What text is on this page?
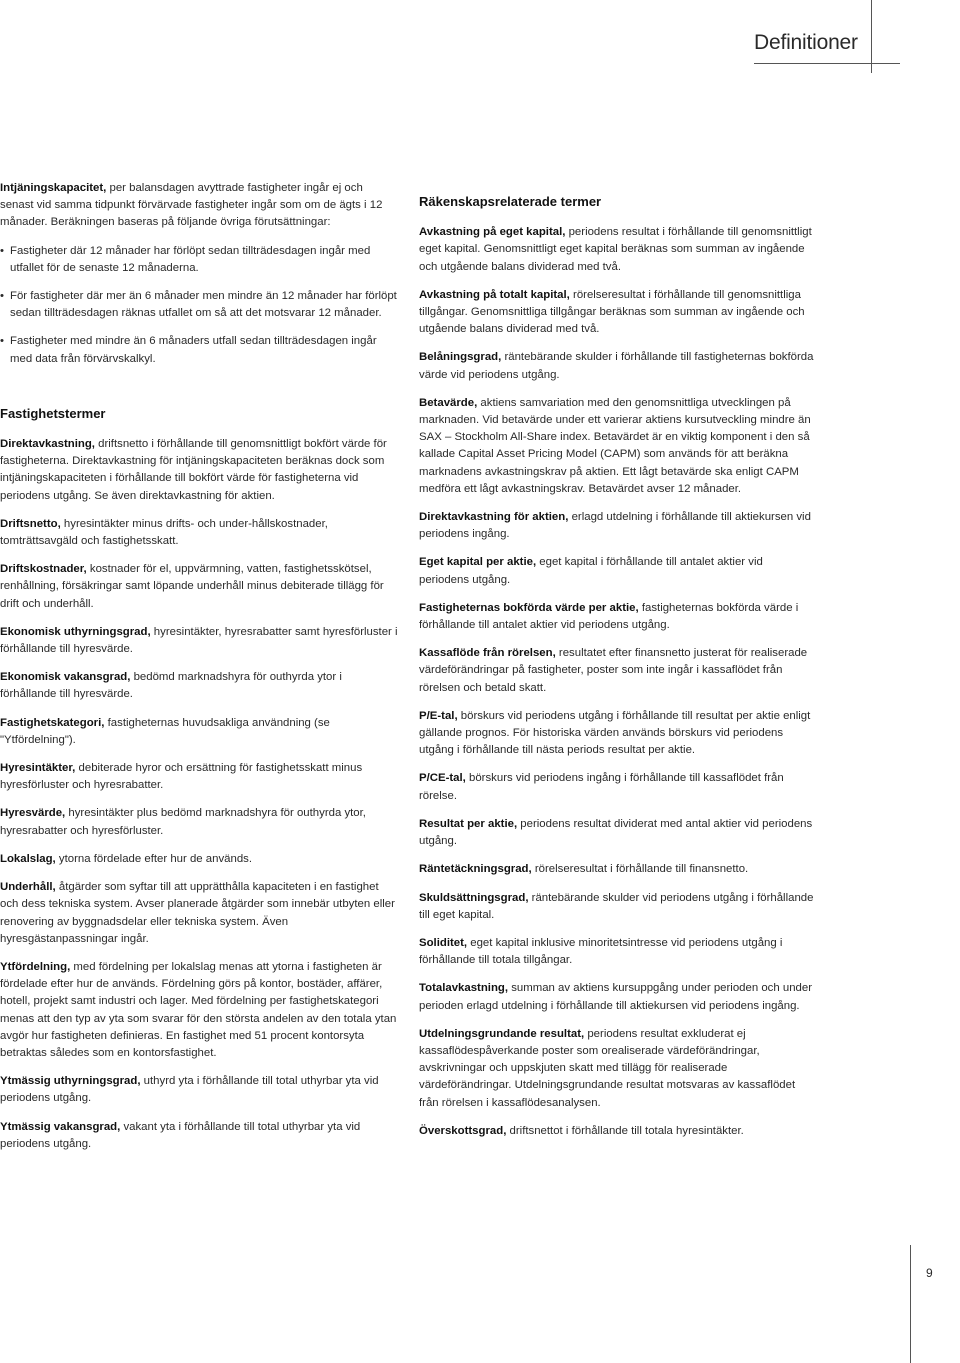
Definitioner

Intjäningskapacitet, per balansdagen avyttrade fastigheter ingår ej och senast vid samma tidpunkt förvärvade fastigheter ingår som om de ägts i 12 månader. Beräkningen baseras på följande övriga förutsättningar:

• Fastigheter där 12 månader har förlöpt sedan tillträdesdagen ingår med utfallet för de senaste 12 månaderna.
• För fastigheter där mer än 6 månader men mindre än 12 månader har förlöpt sedan tillträdesdagen räknas utfallet om så att det motsvarar 12 månader.
• Fastigheter med mindre än 6 månaders utfall sedan tillträdesdagen ingår med data från förvärvskalkyl.
Fastighetstermer

Direktavkastning, driftsnetto i förhållande till genomsnittligt bokfört värde för fastigheterna. Direktavkastning för intjäningskapaciteten beräknas dock som intjäningskapaciteten i förhållande till bokfört värde för fastigheterna vid periodens utgång. Se även direktavkastning för aktien.

Driftsnetto, hyresintäkter minus drifts- och under-hållskostnader, tomträttsavgäld och fastighetsskatt.

Driftskostnader, kostnader för el, uppvärmning, vatten, fastighetsskötsel, renhållning, försäkringar samt löpande underhåll minus debiterade tillägg för drift och underhåll.

Ekonomisk uthyrningsgrad, hyresintäkter, hyresrabatter samt hyresförluster i förhållande till hyresvärde.

Ekonomisk vakansgrad, bedömd marknadshyra för outhyrda ytor i förhållande till hyresvärde.

Fastighetskategori, fastigheternas huvudsakliga användning (se "Ytfördelning").

Hyresintäkter, debiterade hyror och ersättning för fastighetsskatt minus hyresförluster och hyresrabatter.

Hyresvärde, hyresintäkter plus bedömd marknadshyra för outhyrda ytor, hyresrabatter och hyresförluster.

Lokalslag, ytorna fördelade efter hur de används.

Underhåll, åtgärder som syftar till att upprätthålla kapaciteten i en fastighet och dess tekniska system. Avser planerade åtgärder som innebär utbyten eller renovering av byggnadsdelar eller tekniska system. Även hyresgästanpassningar ingår.

Ytfördelning, med fördelning per lokalslag menas att ytorna i fastigheten är fördelade efter hur de används. Fördelning görs på kontor, bostäder, affärer, hotell, projekt samt industri och lager. Med fördelning per fastighetskategori menas att den typ av yta som svarar för den största andelen av den totala ytan avgör hur fastigheten definieras. En fastighet med 51 procent kontorsyta betraktas således som en kontorsfastighet.

Ytmässig uthyrningsgrad, uthyrd yta i förhållande till total uthyrbar yta vid periodens utgång.

Ytmässig vakansgrad, vakant yta i förhållande till total uthyrbar yta vid periodens utgång.

Räkenskapsrelaterade termer

Avkastning på eget kapital, periodens resultat i förhållande till genomsnittligt eget kapital. Genomsnittligt eget kapital beräknas som summan av ingående och utgående balans dividerad med två.

Avkastning på totalt kapital, rörelseresultat i förhållande till genomsnittliga tillgångar. Genomsnittliga tillgångar beräknas som summan av ingående och utgående balans dividerad med två.

Belåningsgrad, räntebärande skulder i förhållande till fastigheternas bokförda värde vid periodens utgång.

Betavärde, aktiens samvariation med den genomsnittliga utvecklingen på marknaden. Vid betavärde under ett varierar aktiens kursutveckling mindre än SAX – Stockholm All-Share index. Betavärdet är en viktig komponent i den så kallade Capital Asset Pricing Model (CAPM) som används för att beräkna marknadens avkastningskrav på aktien. Ett lågt betavärde ska enligt CAPM medföra ett lågt avkastningskrav. Betavärdet avser 12 månader.

Direktavkastning för aktien, erlagd utdelning i förhållande till aktiekursen vid periodens ingång.

Eget kapital per aktie, eget kapital i förhållande till antalet aktier vid periodens utgång.

Fastigheternas bokförda värde per aktie, fastigheternas bokförda värde i förhållande till antalet aktier vid periodens utgång.

Kassaflöde från rörelsen, resultatet efter finansnetto justerat för realiserade värdeförändringar på fastigheter, poster som inte ingår i kassaflödet från rörelsen och betald skatt.

P/E-tal, börskurs vid periodens utgång i förhållande till resultat per aktie enligt gällande prognos. För historiska värden används börskurs vid periodens utgång i förhållande till nästa periods resultat per aktie.

P/CE-tal, börskurs vid periodens ingång i förhållande till kassaflödet från rörelse.

Resultat per aktie, periodens resultat dividerat med antal aktier vid periodens utgång.

Räntetäckningsgrad, rörelseresultat i förhållande till finansnetto.

Skuldsättningsgrad, räntebärande skulder vid periodens utgång i förhållande till eget kapital.

Soliditet, eget kapital inklusive minoritetsintresse vid periodens utgång i förhållande till totala tillgångar.

Totalavkastning, summan av aktiens kursuppgång under perioden och under perioden erlagd utdelning i förhållande till aktiekursen vid periodens ingång.

Utdelningsgrundande resultat, periodens resultat exkluderat ej kassaflödespåverkande poster som orealiserade värdeförändringar, avskrivningar och uppskjuten skatt med tillägg för realiserade värdeförändringar. Utdelningsgrundande resultat motsvaras av kassaflödet från rörelsen i kassaflödesanalysen.

Överskottsgrad, driftsnettot i förhållande till totala hyresintäkter.

9
